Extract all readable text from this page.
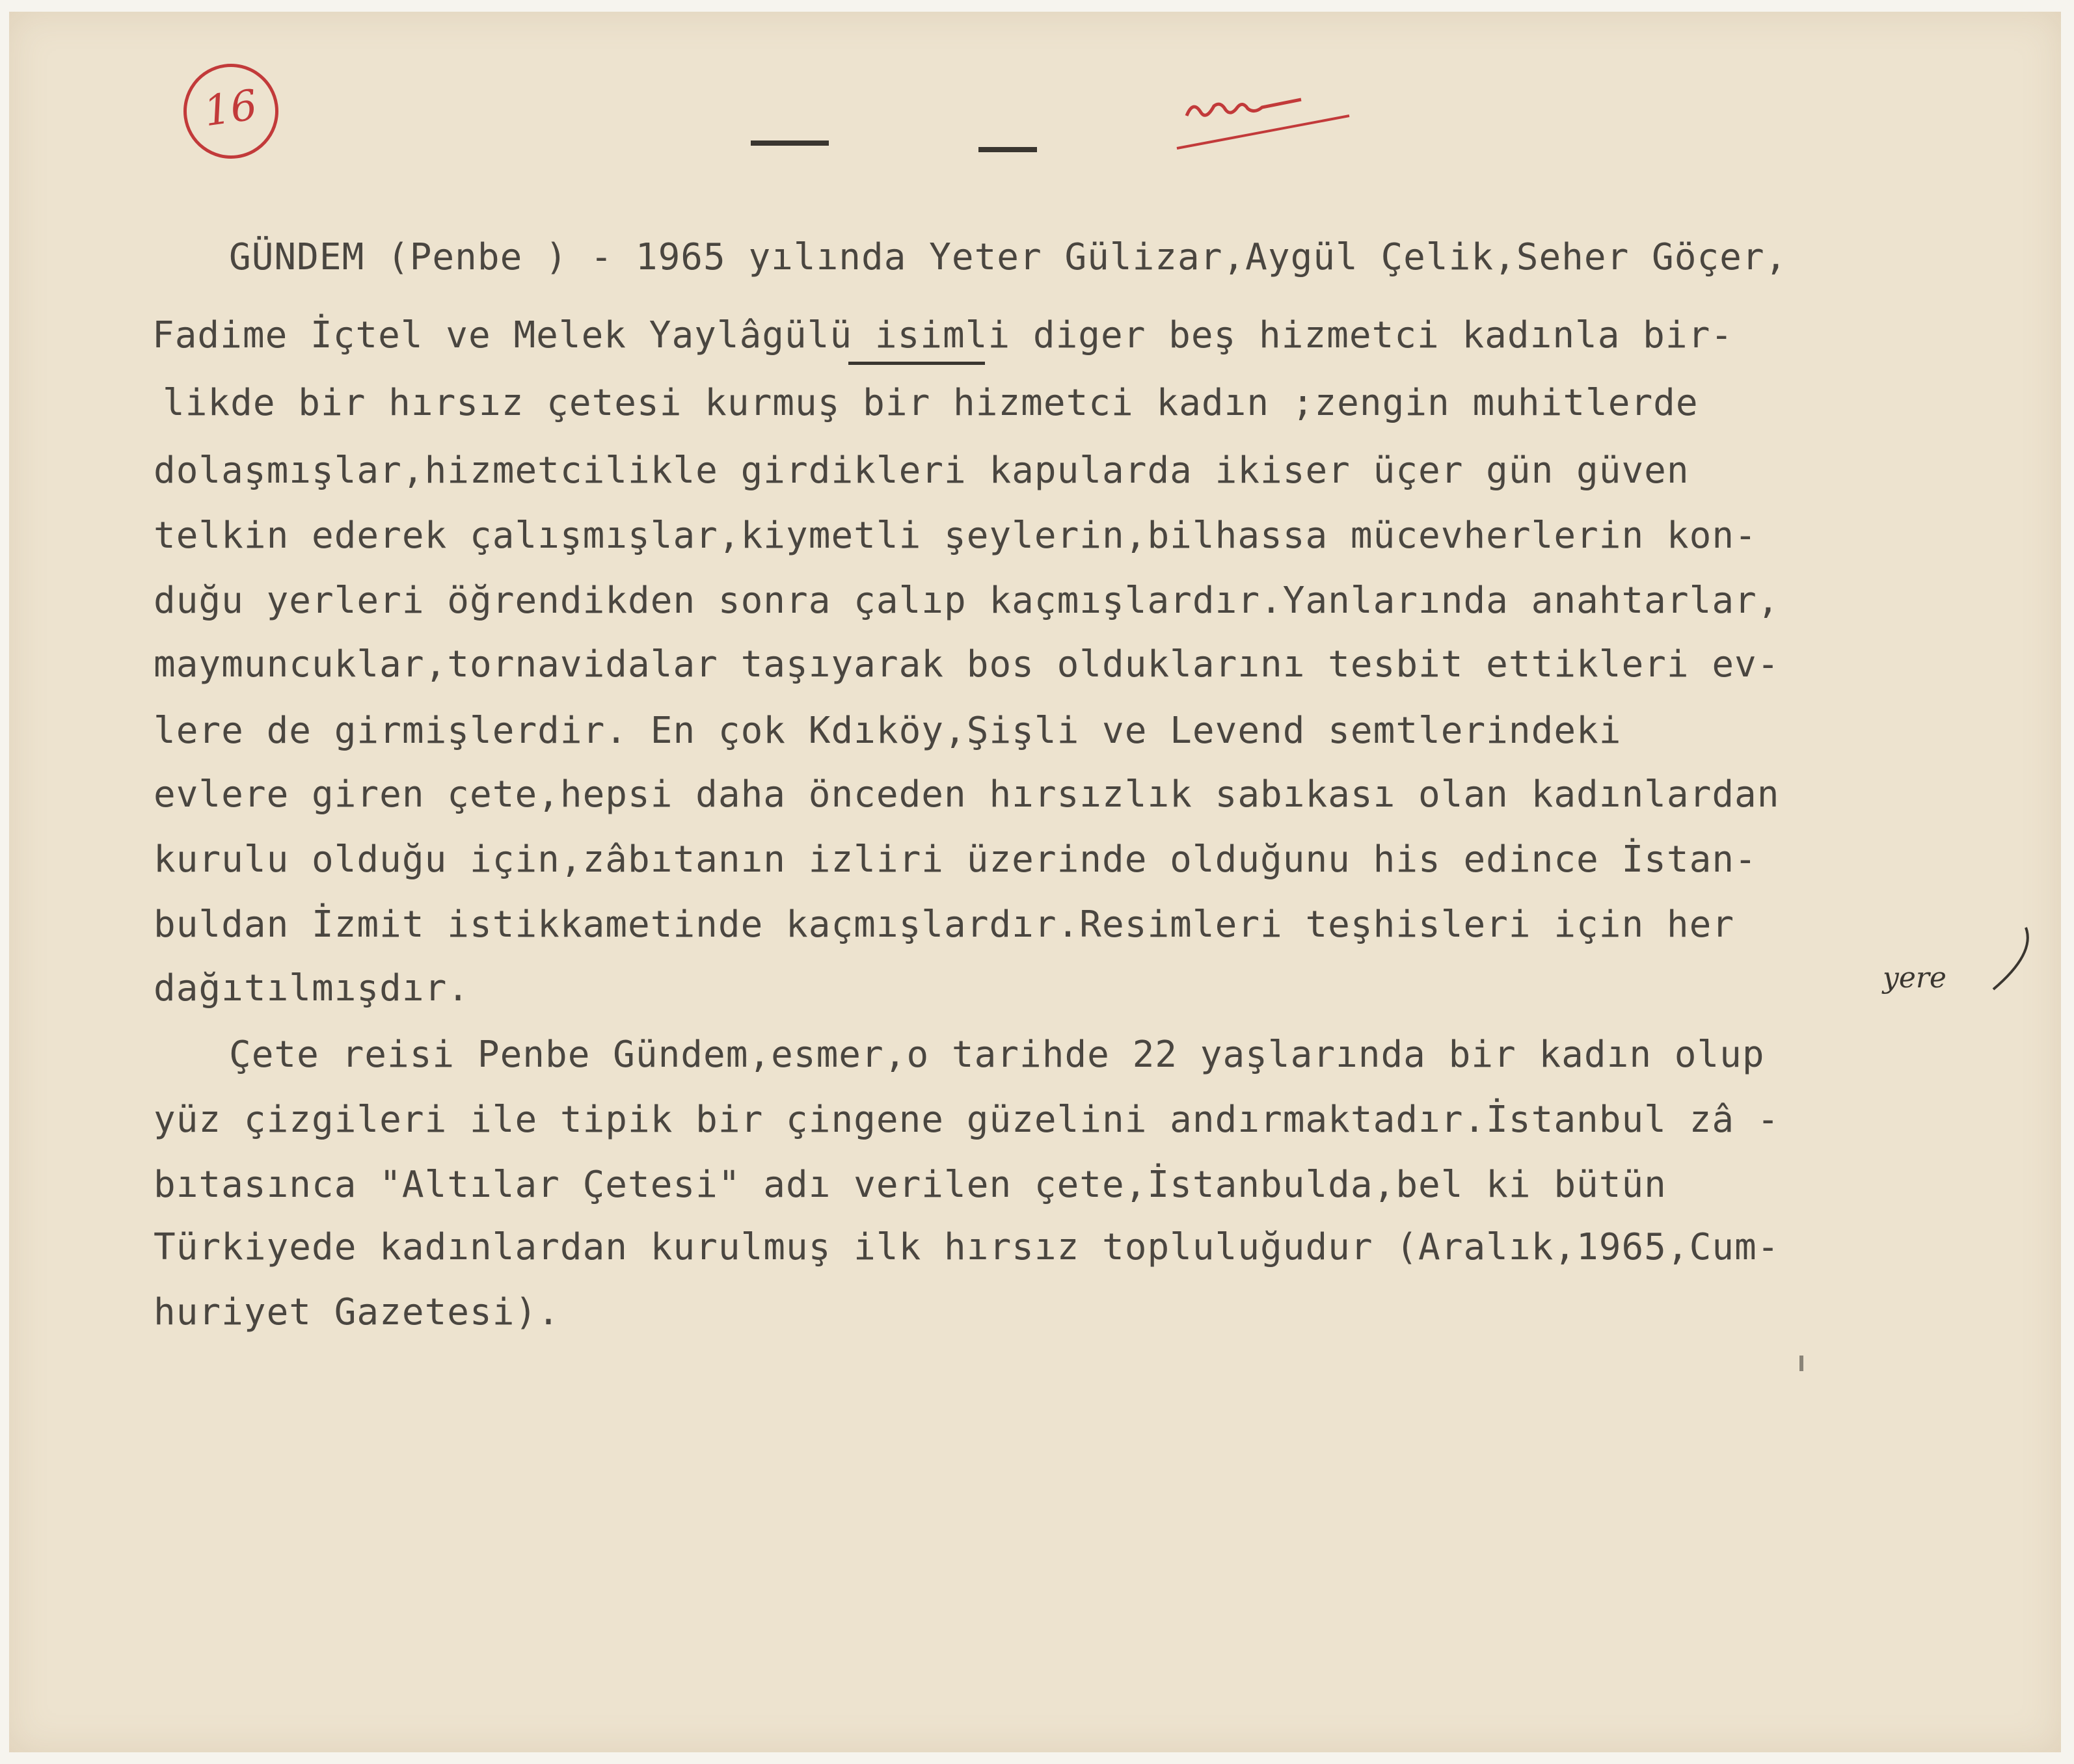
16
GÜNDEM (Penbe ) - 1965 yılında Yeter Gülizar,Aygül Çelik,Seher Göçer,
Fadime İçtel ve Melek Yaylâgülü isimli diger beş hizmetci kadınla bir-
likde bir hırsız çetesi kurmuş bir hizmetci kadın ;zengin muhitlerde
dolaşmışlar,hizmetcilikle girdikleri kapularda ikiser üçer gün güven
telkin ederek çalışmışlar,kiymetli şeylerin,bilhassa mücevherlerin kon-
duğu yerleri öğrendikden sonra çalıp kaçmışlardır.Yanlarında anahtarlar,
maymuncuklar,tornavidalar taşıyarak bos olduklarını tesbit ettikleri ev-
lere de girmişlerdir. En çok Kdıköy,Şişli ve Levend semtlerindeki
evlere giren çete,hepsi daha önceden hırsızlık sabıkası olan kadınlardan
kurulu olduğu için,zâbıtanın izliri üzerinde olduğunu his edince İstan-
buldan İzmit istikkametinde kaçmışlardır.Resimleri teşhisleri için her
dağıtılmışdır.	yere
Çete reisi Penbe Gündem,esmer,o tarihde 22 yaşlarında bir kadın olup
yüz çizgileri ile tipik bir çingene güzelini andırmaktadır.İstanbul zâ -
bıtasınca "Altılar Çetesi" adı verilen çete,İstanbulda,bel ki bütün
Türkiyede kadınlardan kurulmuş ilk hırsız topluluğudur (Aralık,1965,Cum-
huriyet Gazetesi).
